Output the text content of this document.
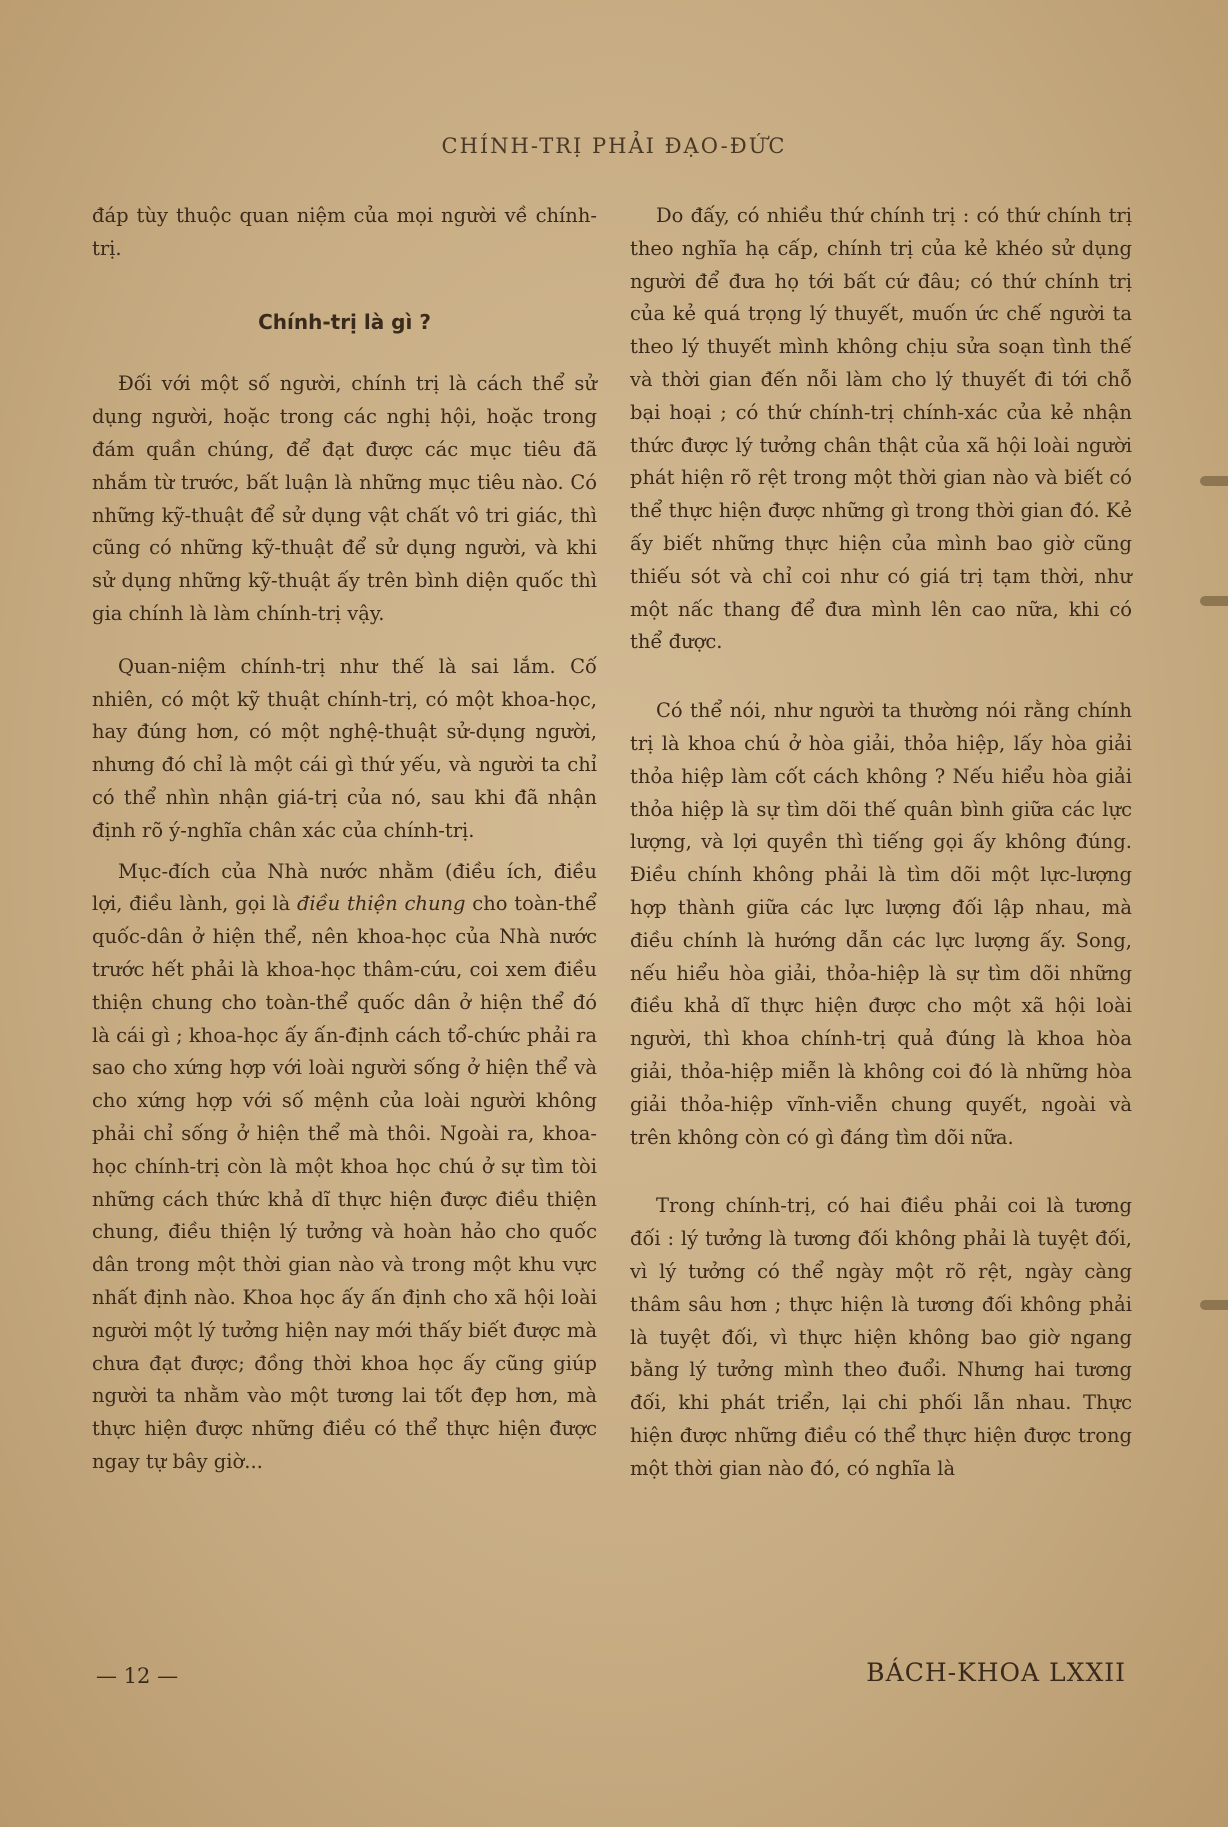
CHÍNH-TRỊ PHẢI ĐẠO-ĐỨC

đáp tùy thuộc quan niệm của mọi người về chính-trị.

Chính-trị là gì ?

Đối với một số người, chính trị là cách thể sử dụng người, hoặc trong các nghị hội, hoặc trong đám quần chúng, để đạt được các mục tiêu đã nhắm từ trước, bất luận là những mục tiêu nào. Có những kỹ-thuật để sử dụng vật chất vô tri giác, thì cũng có những kỹ-thuật để sử dụng người, và khi sử dụng những kỹ-thuật ấy trên bình diện quốc thì gia chính là làm chính-trị vậy.

Quan-niệm chính-trị như thế là sai lắm. Cố nhiên, có một kỹ thuật chính-trị, có một khoa-học, hay đúng hơn, có một nghệ-thuật sử-dụng người, nhưng đó chỉ là một cái gì thứ yếu, và người ta chỉ có thể nhìn nhận giá-trị của nó, sau khi đã nhận định rõ ý-nghĩa chân xác của chính-trị.

Mục-đích của Nhà nước nhằm (điều ích, điều lợi, điều lành, gọi là điều thiện chung cho toàn-thể quốc-dân ở hiện thể, nên khoa-học của Nhà nước trước hết phải là khoa-học thâm-cứu, coi xem điều thiện chung cho toàn-thể quốc dân ở hiện thể đó là cái gì ; khoa-học ấy ấn-định cách tổ-chức phải ra sao cho xứng hợp với loài người sống ở hiện thể và cho xứng hợp với số mệnh của loài người không phải chỉ sống ở hiện thể mà thôi. Ngoài ra, khoa-học chính-trị còn là một khoa học chú ở sự tìm tòi những cách thức khả dĩ thực hiện được điều thiện chung, điều thiện lý tưởng và hoàn hảo cho quốc dân trong một thời gian nào và trong một khu vực nhất định nào. Khoa học ấy ấn định cho xã hội loài người một lý tưởng hiện nay mới thấy biết được mà chưa đạt được; đồng thời khoa học ấy cũng giúp người ta nhằm vào một tương lai tốt đẹp hơn, mà thực hiện được những điều có thể thực hiện được ngay tự bây giờ...

Do đấy, có nhiều thứ chính trị : có thứ chính trị theo nghĩa hạ cấp, chính trị của kẻ khéo sử dụng người để đưa họ tới bất cứ đâu; có thứ chính trị của kẻ quá trọng lý thuyết, muốn ức chế người ta theo lý thuyết mình không chịu sửa soạn tình thế và thời gian đến nỗi làm cho lý thuyết đi tới chỗ bại hoại ; có thứ chính-trị chính-xác của kẻ nhận thức được lý tưởng chân thật của xã hội loài người phát hiện rõ rệt trong một thời gian nào và biết có thể thực hiện được những gì trong thời gian đó. Kẻ ấy biết những thực hiện của mình bao giờ cũng thiếu sót và chỉ coi như có giá trị tạm thời, như một nấc thang để đưa mình lên cao nữa, khi có thể được.

Có thể nói, như người ta thường nói rằng chính trị là khoa chú ở hòa giải, thỏa hiệp, lấy hòa giải thỏa hiệp làm cốt cách không ? Nếu hiểu hòa giải thỏa hiệp là sự tìm dõi thế quân bình giữa các lực lượng, và lợi quyền thì tiếng gọi ấy không đúng. Điều chính không phải là tìm dõi một lực-lượng hợp thành giữa các lực lượng đối lập nhau, mà điều chính là hướng dẫn các lực lượng ấy. Song, nếu hiểu hòa giải, thỏa-hiệp là sự tìm dõi những điều khả dĩ thực hiện được cho một xã hội loài người, thì khoa chính-trị quả đúng là khoa hòa giải, thỏa-hiệp miễn là không coi đó là những hòa giải thỏa-hiệp vĩnh-viễn chung quyết, ngoài và trên không còn có gì đáng tìm dõi nữa.

Trong chính-trị, có hai điều phải coi là tương đối : lý tưởng là tương đối không phải là tuyệt đối, vì lý tưởng có thể ngày một rõ rệt, ngày càng thâm sâu hơn ; thực hiện là tương đối không phải là tuyệt đối, vì thực hiện không bao giờ ngang bằng lý tưởng mình theo đuổi. Nhưng hai tương đối, khi phát triển, lại chi phối lẫn nhau. Thực hiện được những điều có thể thực hiện được trong một thời gian nào đó, có nghĩa là

— 12 —	BÁCH-KHOA LXXII
